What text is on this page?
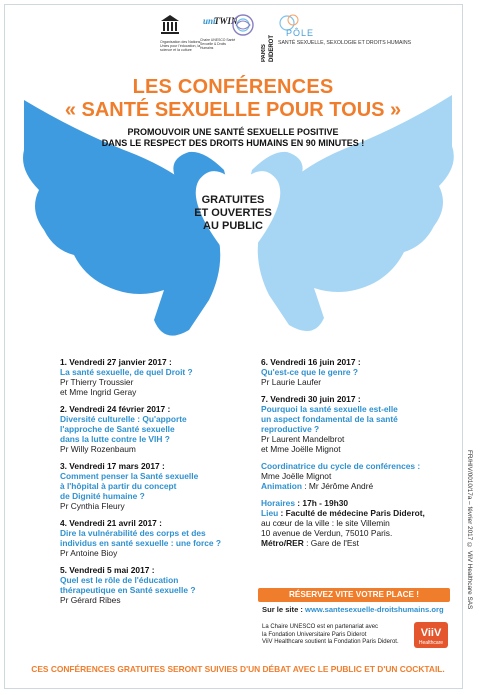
Organisation des Nations Unies pour l'éducation, la science et la culture
uni
TWIN
Chaire UNESCO Santé Sexuelle & Droits Humains	PARIS DIDEROT
PÔLE
SANTÉ SEXUELLE, SEXOLOGIE ET DROITS HUMAINS
LES CONFÉRENCES
« SANTÉ SEXUELLE POUR TOUS »
PROMOUVOIR UNE SANTÉ SEXUELLE POSITIVE
DANS LE RESPECT DES DROITS HUMAINS EN 90 MINUTES !
GRATUITES
ET OUVERTES
AU PUBLIC
1. Vendredi 27 janvier 2017 :
La santé sexuelle, de quel Droit ?
Pr Thierry Troussier
et Mme Ingrid Geray
2. Vendredi 24 février 2017 :
Diversité culturelle : Qu'apporte
l'approche de Santé sexuelle
dans la lutte contre le VIH ?
Pr Willy Rozenbaum
3. Vendredi 17 mars 2017 :
Comment penser la Santé sexuelle
à l'hôpital à partir du concept
de Dignité humaine ?
Pr Cynthia Fleury
4. Vendredi 21 avril 2017 :
Dire la vulnérabilité des corps et des
individus en santé sexuelle : une force ?
Pr Antoine Bioy
5. Vendredi 5 mai 2017 :
Quel est le rôle de l'éducation
thérapeutique en Santé sexuelle ?
Pr Gérard Ribes
6. Vendredi 16 juin 2017 :
Qu'est-ce que le genre ?
Pr Laurie Laufer
7. Vendredi 30 juin 2017 :
Pourquoi la santé sexuelle est-elle
un aspect fondamental de la santé
reproductive ?
Pr Laurent Mandelbrot
et Mme Joëlle Mignot
Coordinatrice du cycle de conférences :
Mme Joëlle Mignot
Animation : Mr Jérôme André
Horaires : 17h - 19h30
Lieu : Faculté de médecine Paris Diderot,
au cœur de la ville : le site Villemin
10 avenue de Verdun, 75010 Paris.
Métro/RER : Gare de l'Est
RÉSERVEZ VITE VOTRE PLACE !
Sur le site : www.santesexuelle-droitshumains.org
La Chaire UNESCO est en partenariat avec
la Fondation Universitaire Paris Diderot
ViiV Healthcare soutient la Fondation Paris Diderot.
ViiV
Healthcare
CES CONFÉRENCES GRATUITES SERONT SUIVIES D'UN DÉBAT AVEC LE PUBLIC ET D'UN COCKTAIL.
FR/HIV/0010/17a – février 2017 © ViiV Healthcare SAS
